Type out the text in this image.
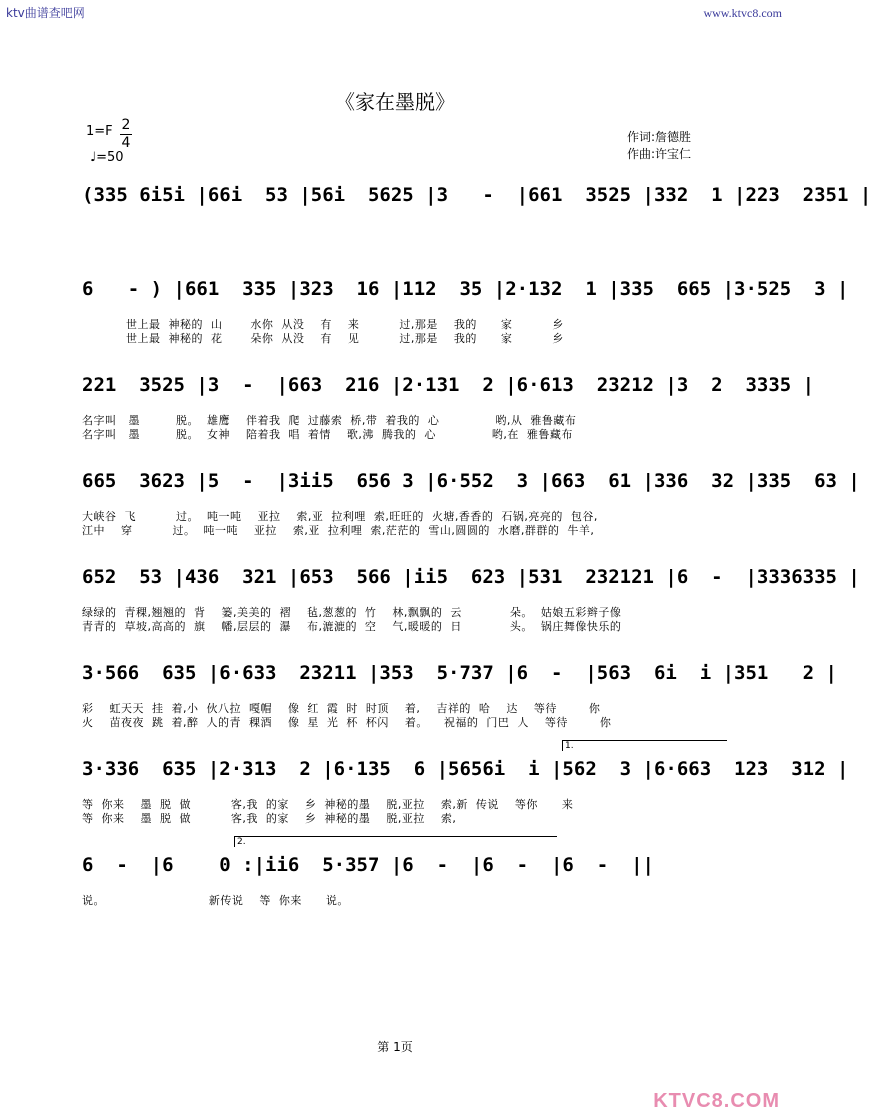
ktv曲谱查吧网	www.ktvc8.com
KTVC8.COM
《家在墨脱》
1=F 2
4
♩=50
作词:詹德胜
作曲:许宝仁
(335 6i5i |66i  53 |56i  5625 |3   -  |661  3525 |332  1 |223  2351 |
6   - ) |661  335 |323  16 |112  35 |2·132  1 |335  665 |3·525  3 |
世上最  神秘的  山       水你  从没    有    来          过,那是    我的      家          乡
世上最  神秘的  花       朵你  从没    有    见          过,那是    我的      家          乡
221  3525 |3  -  |663  216 |2·131  2 |6·613  23212 |3  2  3335 |
名字叫   墨         脱。  雄鹰    伴着我  爬  过藤索  桥,带  着我的  心              哟,从  雅鲁藏布
名字叫   墨         脱。  女神    陪着我  唱  着情    歌,沸  腾我的  心              哟,在  雅鲁藏布
665  3623 |5  -  |3ii5  656 3 |6·552  3 |663  61 |336  32 |335  63 |
大峡谷  飞          过。  吨一吨    亚拉    索,亚  拉利哩  索,旺旺的  火塘,香香的  石锅,亮亮的  包谷,
江中    穿          过。  吨一吨    亚拉    索,亚  拉利哩  索,茫茫的  雪山,圆圆的  水磨,群群的  牛羊,
652  53 |436  321 |653  566 |ii5  623 |531  232121 |6  -  |3336335 |
绿绿的  青稞,翘翘的  背    篓,美美的  褶    毡,葱葱的  竹    林,飘飘的  云            朵。  姑娘五彩辫子像
青青的  草坡,高高的  旗    幡,层层的  瀑    布,漉漉的  空    气,暖暖的  日            头。  锅庄舞像快乐的
3·566  635 |6·633  23211 |353  5·737 |6  -  |563  6i  i |351   2 |
彩    虹天天  挂  着,小  伙八拉  嘎帽    像  红  霞  时  时顶    着,    吉祥的  哈    达    等待        你
火    苗夜夜  跳  着,醉  人的青  稞酒    像  星  光  杯  杯闪    着。    祝福的  门巴  人    等待        你
3·336  635 |2·313  2 |6·135  6 |5656i  i |562  3 |6·663  123  312 |
等  你来    墨  脱  做          客,我  的家    乡  神秘的墨    脱,亚拉    索,新  传说    等你      来
等  你来    墨  脱  做          客,我  的家    乡  神秘的墨    脱,亚拉    索,
6  -  |6    0 :|ii6  5·357 |6  -  |6  -  |6  -  ||
说。                          新传说    等  你来      说。
1.
2.
第 1页
